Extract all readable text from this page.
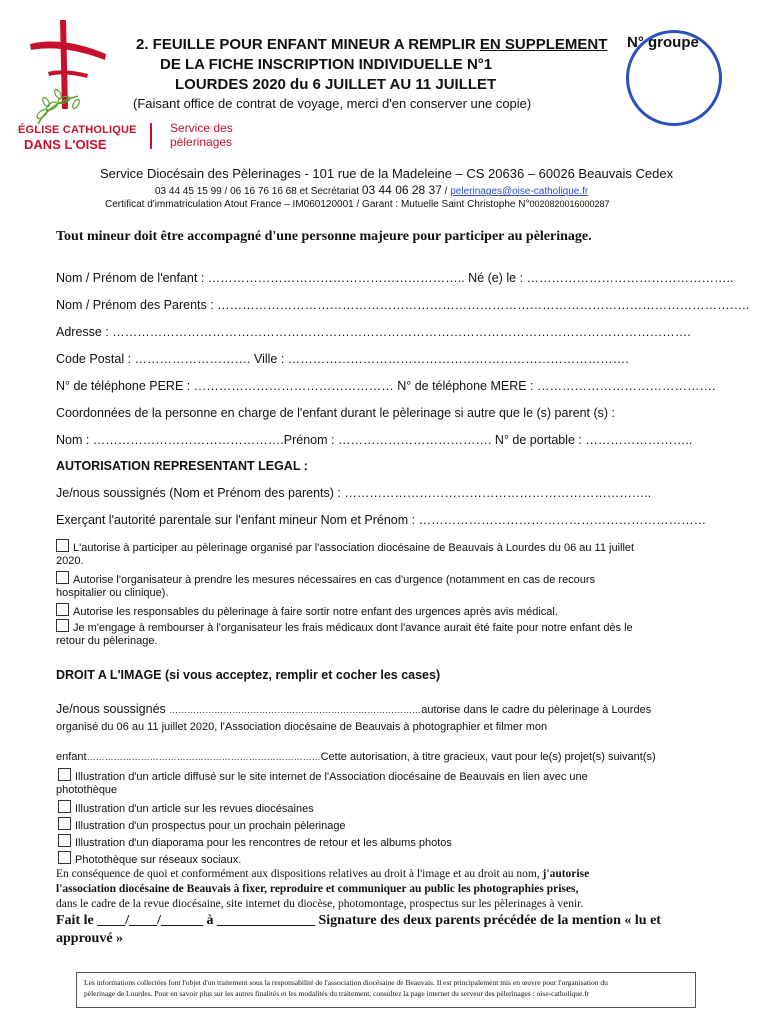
ÉGLISE CATHOLIQUE
DANS L'OISE
Service des
pèlerinages
2. FEUILLE POUR ENFANT MINEUR A REMPLIR EN SUPPLEMENT
DE LA FICHE INSCRIPTION INDIVIDUELLE N°1
LOURDES 2020 du 6 JUILLET AU 11 JUILLET
N° groupe
(Faisant office de contrat de voyage, merci d'en conserver une copie)
Service Diocésain des Pèlerinages - 101 rue de la Madeleine – CS 20636 – 60026 Beauvais Cedex
03 44 45 15 99 / 06 16 76 16 68 et Secrétariat 03 44 06 28 37 / pelerinages@oise-catholique.fr
Certificat d'immatriculation Atout France – IM060120001 / Garant : Mutuelle Saint Christophe N°0020820016000287
Tout mineur doit être accompagné d'une personne majeure pour participer au pèlerinage.
Nom / Prénom de l'enfant : …………………………………………………….. Né (e) le : …………………………………………..
Nom / Prénom des Parents : ………………………………………………………………………………………………………………..
Adresse : ………………………………………………………………………………………………………………………….
Code Postal : ………………………. Ville : ……………………………………………………………………….
N° de téléphone PERE : ………………………………………… N° de téléphone MERE : …………………………………….
Coordonnées de la personne en charge de l'enfant durant le pèlerinage si autre que le (s) parent (s) :
Nom : ……………………………………….Prénom : ………………………………. N° de portable : ……………………..
AUTORISATION REPRESENTANT LEGAL :
Je/nous soussignés (Nom et Prénom des parents) : ………………………………………………………………..
Exerçant l'autorité parentale sur l'enfant mineur Nom et Prénom : ……………………………………………………………
L'autorise à participer au pèlerinage organisé par l'association diocésaine de Beauvais à Lourdes du 06 au 11 juillet
2020.
Autorise l'organisateur à prendre les mesures nécessaires en cas d'urgence (notamment en cas de recours
hospitalier ou clinique).
Autorise les responsables du pèlerinage à faire sortir notre enfant des urgences après avis médical.
Je m'engage à rembourser à l'organisateur les frais médicaux dont l'avance aurait été faite pour notre enfant dès le
retour du pèlerinage.
DROIT A L'IMAGE (si vous acceptez, remplir et cocher les cases)
Je/nous soussignés …………………………………………………………………………autorise dans le cadre du pèlerinage à Lourdes
organisé du 06 au 11 juillet 2020, l'Association diocésaine de Beauvais à photographier et filmer mon
enfant……………………………………………………………………Cette autorisation, à titre gracieux, vaut pour le(s) projet(s) suivant(s)
Illustration d'un article diffusé sur le site internet de l'Association diocésaine de Beauvais en lien avec une
photothèque
Illustration d'un article sur les revues diocésaines
Illustration d'un prospectus pour un prochain pèlerinage
Illustration d'un diaporama pour les rencontres de retour et les albums photos
Photothèque sur réseaux sociaux.
En conséquence de quoi et conformément aux dispositions relatives au droit à l'image et au droit au nom, j'autorise
l'association diocésaine de Beauvais à fixer, reproduire et communiquer au public les photographies prises,
dans le cadre de la revue diocésaine, site internet du diocèse, photomontage, prospectus sur les pèlerinages à venir.
Fait le ____/____/______ à ______________ Signature des deux parents précédée de la mention « lu et
approuvé »
Les informations collectées font l'objet d'un traitement sous la responsabilité de l'association diocésaine de Beauvais. Il est principalement mis en œuvre pour l'organisation du
pèlerinage de Lourdes. Pour en savoir plus sur les autres finalités et les modalités du traitement, consultez la page internet du serveur des pèlerinages : oise-catholique.fr
